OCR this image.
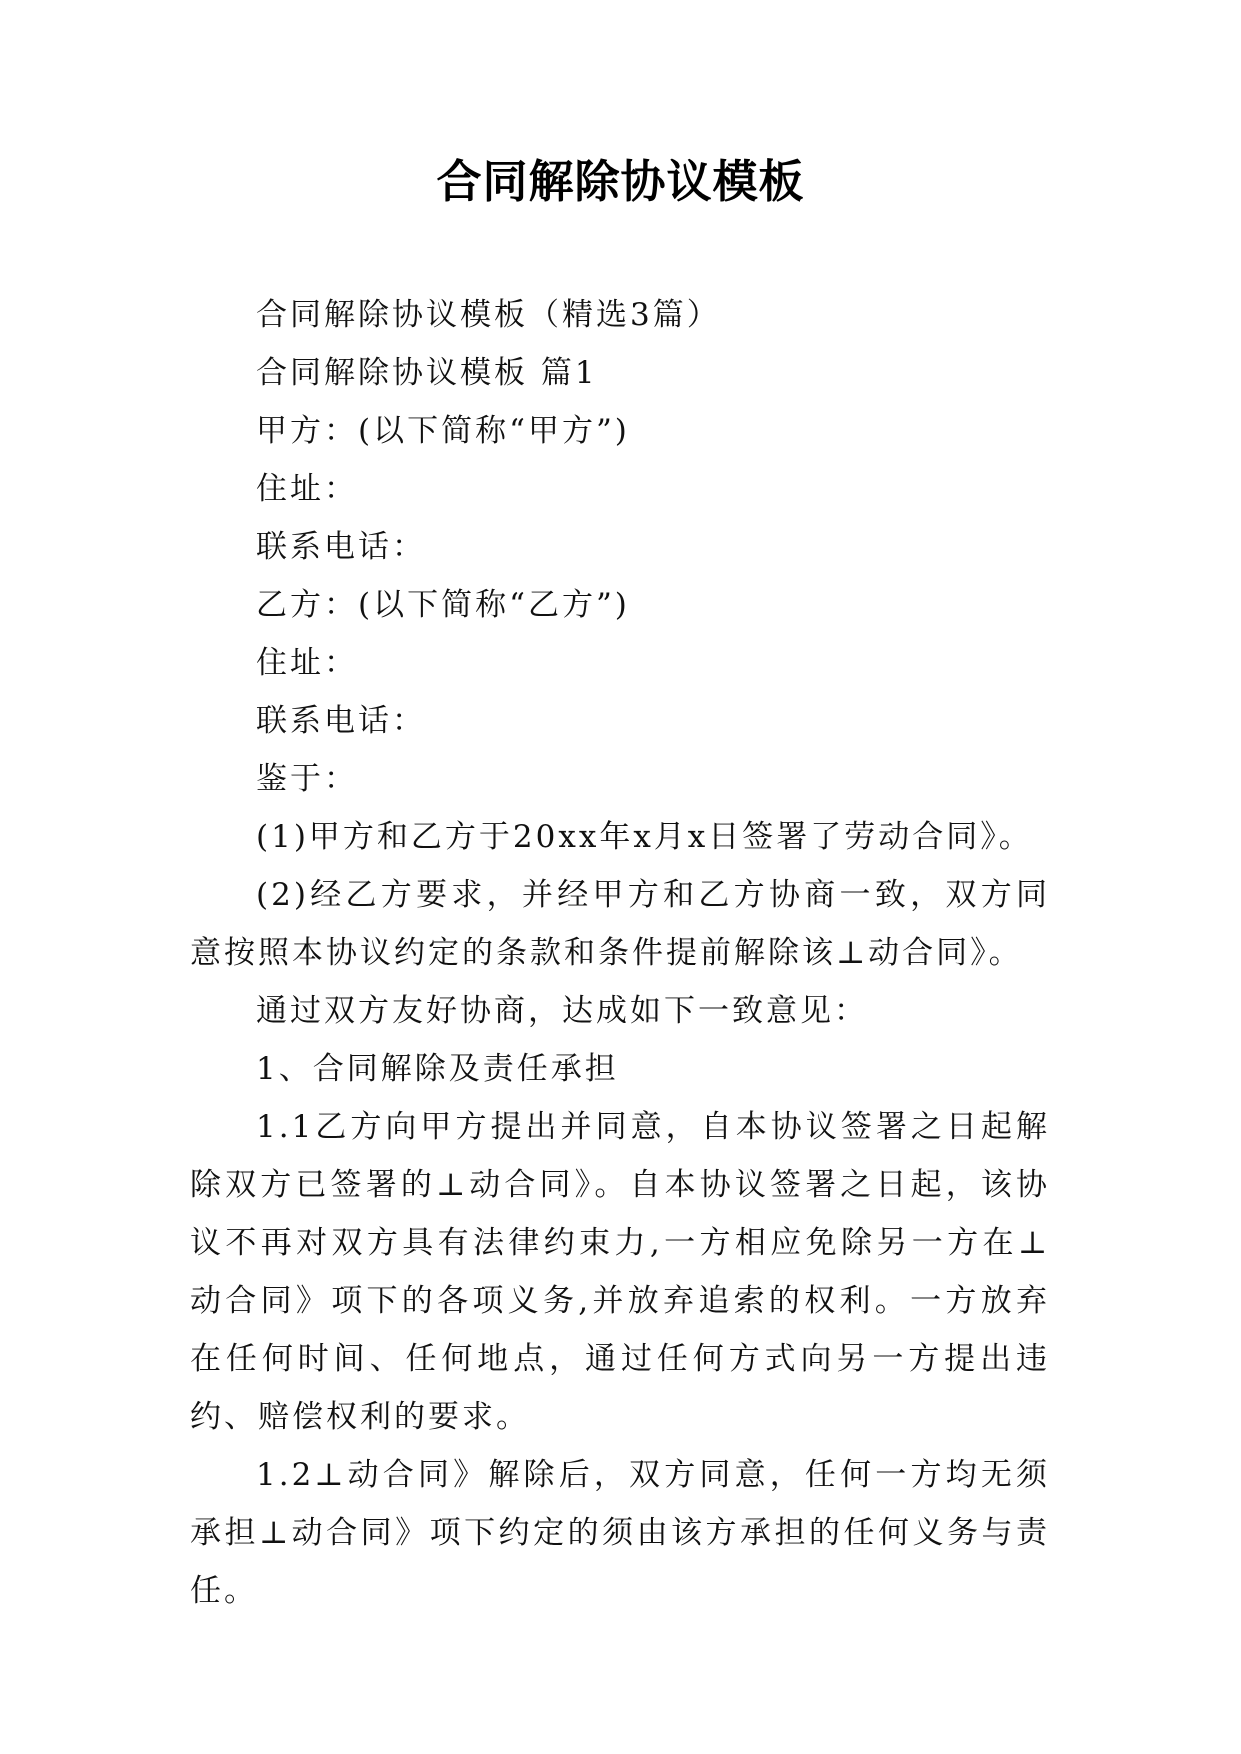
合同解除协议模板

合同解除协议模板（精选3篇）

合同解除协议模板 篇1

甲方：(以下简称“甲方”)

住址：

联系电话：

乙方：(以下简称“乙方”)

住址：

联系电话：

鉴于：

(1)甲方和乙方于20xx年x月x日签署了劳动合同》。

(2)经乙方要求，并经甲方和乙方协商一致，双方同意按照本协议约定的条款和条件提前解除该⊥动合同》。

通过双方友好协商，达成如下一致意见：

1、合同解除及责任承担

1.1乙方向甲方提出并同意，自本协议签署之日起解除双方已签署的⊥动合同》。自本协议签署之日起，该协议不再对双方具有法律约束力,一方相应免除另一方在⊥动合同》项下的各项义务,并放弃追索的权利。一方放弃在任何时间、任何地点，通过任何方式向另一方提出违约、赔偿权利的要求。

1.2⊥动合同》解除后，双方同意，任何一方均无须承担⊥动合同》项下约定的须由该方承担的任何义务与责任。
